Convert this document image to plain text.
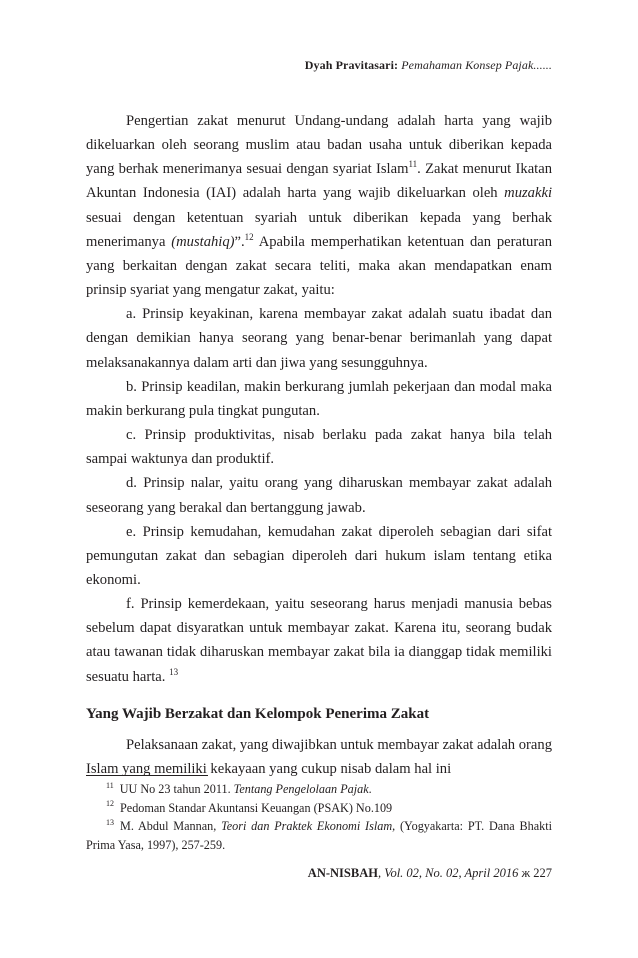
Dyah Pravitasari: Pemahaman Konsep Pajak......

Pengertian zakat menurut Undang-undang adalah harta yang wajib dikeluarkan oleh seorang muslim atau badan usaha untuk diberikan kepada yang berhak menerimanya sesuai dengan syariat Islam$^{11}$. Zakat menurut Ikatan Akuntan Indonesia (IAI) adalah harta yang wajib dikeluarkan oleh muzakki sesuai dengan ketentuan syariah untuk diberikan kepada yang berhak menerimanya (mustahiq)”.$^{12}$ Apabila memperhatikan ketentuan dan peraturan yang berkaitan dengan zakat secara teliti, maka akan mendapatkan enam prinsip syariat yang mengatur zakat, yaitu:

a. Prinsip keyakinan, karena membayar zakat adalah suatu ibadat dan dengan demikian hanya seorang yang benar-benar berimanlah yang dapat melaksanakannya dalam arti dan jiwa yang sesungguhnya.

b. Prinsip keadilan, makin berkurang jumlah pekerjaan dan modal maka makin berkurang pula tingkat pungutan.

c. Prinsip produktivitas, nisab berlaku pada zakat hanya bila telah sampai waktunya dan produktif.

d. Prinsip nalar, yaitu orang yang diharuskan membayar zakat adalah seseorang yang berakal dan bertanggung jawab.

e. Prinsip kemudahan, kemudahan zakat diperoleh sebagian dari sifat pemungutan zakat dan sebagian diperoleh dari hukum islam tentang etika ekonomi.

f. Prinsip kemerdekaan, yaitu seseorang harus menjadi manusia bebas sebelum dapat disyaratkan untuk membayar zakat. Karena itu, seorang budak atau tawanan tidak diharuskan membayar zakat bila ia dianggap tidak memiliki sesuatu harta. $^{13}$

Yang Wajib Berzakat dan Kelompok Penerima Zakat

Pelaksanaan zakat, yang diwajibkan untuk membayar zakat adalah orang Islam yang memiliki kekayaan yang cukup nisab dalam hal ini

$^{11}$ UU No 23 tahun 2011. Tentang Pengelolaan Pajak.

$^{12}$ Pedoman Standar Akuntansi Keuangan (PSAK) No.109

$^{13}$ M. Abdul Mannan, Teori dan Praktek Ekonomi Islam, (Yogyakarta: PT. Dana Bhakti Prima Yasa, 1997), 257-259.

AN-NISBAH, Vol. 02, No. 02, April 2016 ж 227
